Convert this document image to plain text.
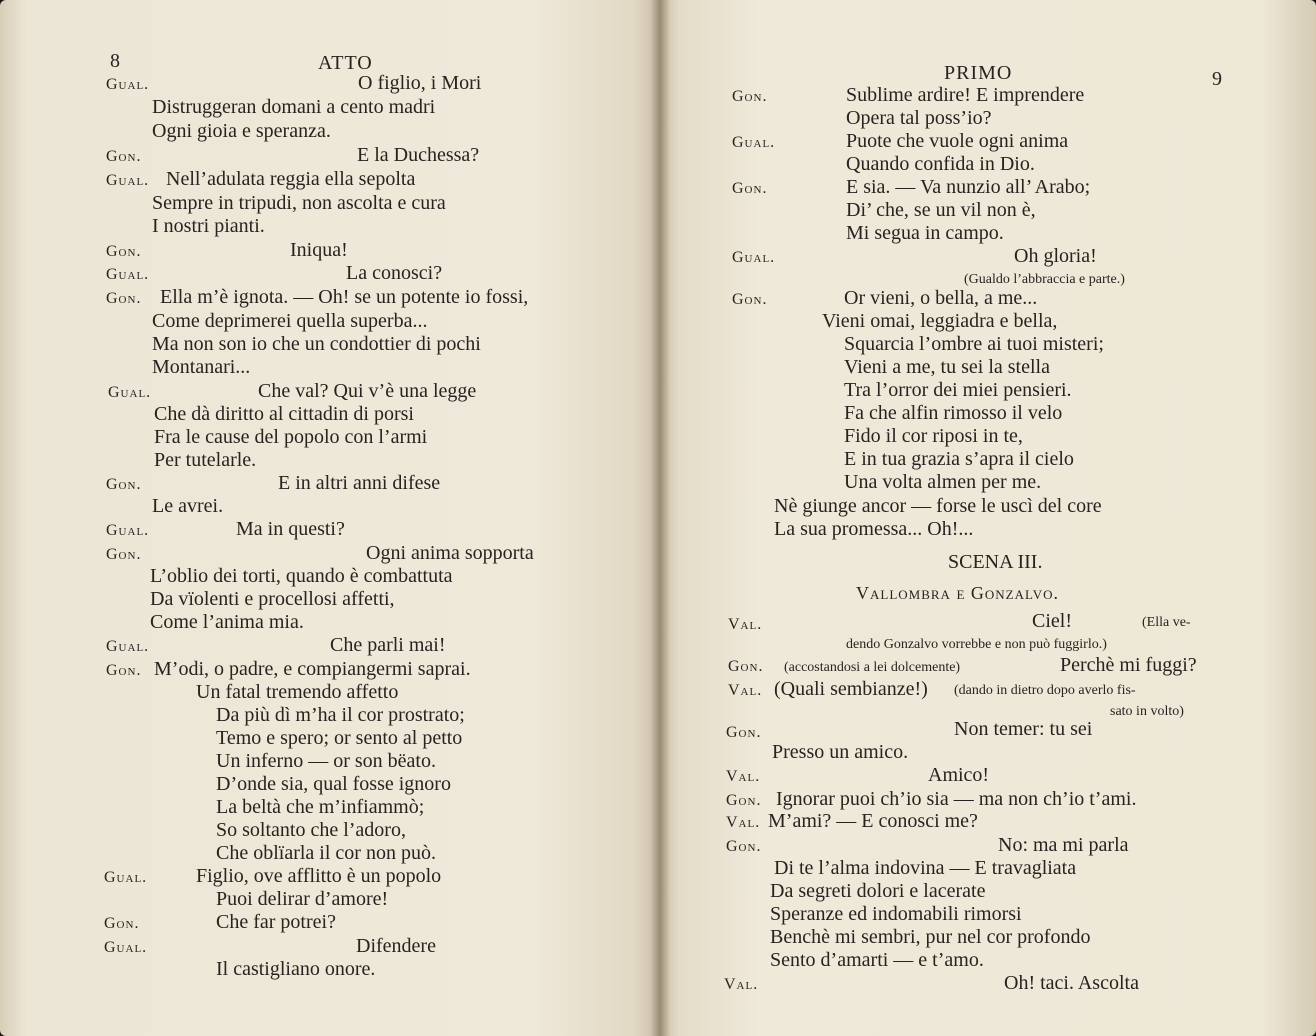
8	ATTO
Gual.	O figlio, i Mori
Distruggeran domani a cento madri
Ogni gioia e speranza.
Gon.	E la Duchessa?
Gual. Nell’adulata reggia ella sepolta
Sempre in tripudi, non ascolta e cura
I nostri pianti.
Gon.	Iniqua!
Gual.	La conosci?
Gon. Ella m’è ignota. — Oh! se un potente io fossi,
Come deprimerei quella superba...
Ma non son io che un condottier di pochi
Montanari...
Gual.	Che val? Qui v’è una legge
Che dà diritto al cittadin di porsi
Fra le cause del popolo con l’armi
Per tutelarle.
Gon.	E in altri anni difese
Le avrei.
Gual.	Ma in questi?
Gon.	Ogni anima sopporta
L’oblio dei torti, quando è combattuta
Da vïolenti e procellosi affetti,
Come l’anima mia.
Gual.	Che parli mai!
Gon. M’odi, o padre, e compiangermi saprai.
Un fatal tremendo affetto
Da più dì m’ha il cor prostrato;
Temo e spero; or sento al petto
Un inferno — or son bëato.
D’onde sia, qual fosse ignoro
La beltà che m’infiammò;
So soltanto che l’adoro,
Che oblïarla il cor non può.
Gual. Figlio, ove afflitto è un popolo
Puoi delirar d’amore!
Gon.	Che far potrei?
Gual.	Difendere
Il castigliano onore.
PRIMO	9
Gon.	Sublime ardire! E imprendere
Opera tal poss’io?
Gual.	Puote che vuole ogni anima
Quando confida in Dio.
Gon.	E sia. — Va nunzio all’ Arabo;
Di’ che, se un vil non è,
Mi segua in campo.
Gual.	Oh gloria!
(Gualdo l’abbraccia e parte.)
Gon.	Or vieni, o bella, a me...
Vieni omai, leggiadra e bella,
Squarcia l’ombre ai tuoi misteri;
Vieni a me, tu sei la stella
Tra l’orror dei miei pensieri.
Fa che alfin rimosso il velo
Fido il cor riposi in te,
E in tua grazia s’apra il cielo
Una volta almen per me.
Nè giunge ancor — forse le uscì del core
La sua promessa... Oh!...
SCENA III.
Vallombra e Gonzalvo.
Val.	Ciel!	(Ella ve-
dendo Gonzalvo vorrebbe e non può fuggirlo.)
Gon. (accostandosi a lei dolcemente)	Perchè mi fuggi?
Val. (Quali sembianze!) (dando in dietro dopo averlo fis-
sato in volto)
Gon.	Non temer: tu sei
Presso un amico.
Val.	Amico!
Gon. Ignorar puoi ch’io sia — ma non ch’io t’ami.
Val. M’ami? — E conosci me?
Gon.	No: ma mi parla
Di te l’alma indovina — E travagliata
Da segreti dolori e lacerate
Speranze ed indomabili rimorsi
Benchè mi sembri, pur nel cor profondo
Sento d’amarti — e t’amo.
Val.	Oh! taci. Ascolta
